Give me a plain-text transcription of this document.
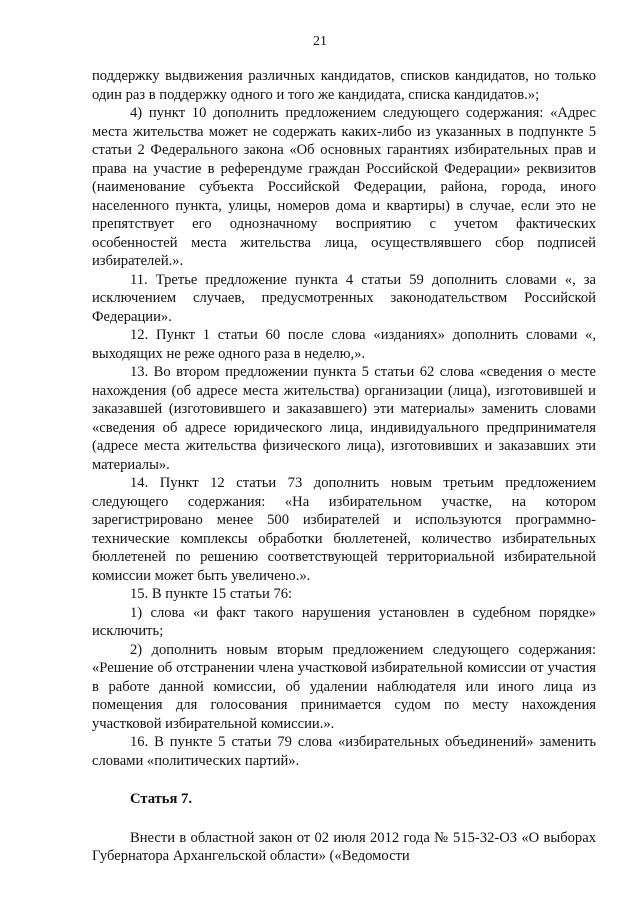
21

поддержку выдвижения различных кандидатов, списков кандидатов, но только один раз в поддержку одного и того же кандидата, списка кандидатов.»;

4) пункт 10 дополнить предложением следующего содержания: «Адрес места жительства может не содержать каких-либо из указанных в подпункте 5 статьи 2 Федерального закона «Об основных гарантиях избирательных прав и права на участие в референдуме граждан Российской Федерации» реквизитов (наименование субъекта Российской Федерации, района, города, иного населенного пункта, улицы, номеров дома и квартиры) в случае, если это не препятствует его однозначному восприятию с учетом фактических особенностей места жительства лица, осуществлявшего сбор подписей избирателей.».

11. Третье предложение пункта 4 статьи 59 дополнить словами «, за исключением случаев, предусмотренных законодательством Российской Федерации».

12. Пункт 1 статьи 60 после слова «изданиях» дополнить словами «, выходящих не реже одного раза в неделю,».

13. Во втором предложении пункта 5 статьи 62 слова «сведения о месте нахождения (об адресе места жительства) организации (лица), изготовившей и заказавшей (изготовившего и заказавшего) эти материалы» заменить словами «сведения об адресе юридического лица, индивидуального предпринимателя (адресе места жительства физического лица), изготовивших и заказавших эти материалы».

14. Пункт 12 статьи 73 дополнить новым третьим предложением следующего содержания: «На избирательном участке, на котором зарегистрировано менее 500 избирателей и используются программно-технические комплексы обработки бюллетеней, количество избирательных бюллетеней по решению соответствующей территориальной избирательной комиссии может быть увеличено.».

15. В пункте 15 статьи 76:

1) слова «и факт такого нарушения установлен в судебном порядке» исключить;

2) дополнить новым вторым предложением следующего содержания: «Решение об отстранении члена участковой избирательной комиссии от участия в работе данной комиссии, об удалении наблюдателя или иного лица из помещения для голосования принимается судом по месту нахождения участковой избирательной комиссии.».

16. В пункте 5 статьи 79 слова «избирательных объединений» заменить словами «политических партий».

Статья 7.

Внести в областной закон от 02 июля 2012 года № 515-32-ОЗ «О выборах Губернатора Архангельской области» («Ведомости
